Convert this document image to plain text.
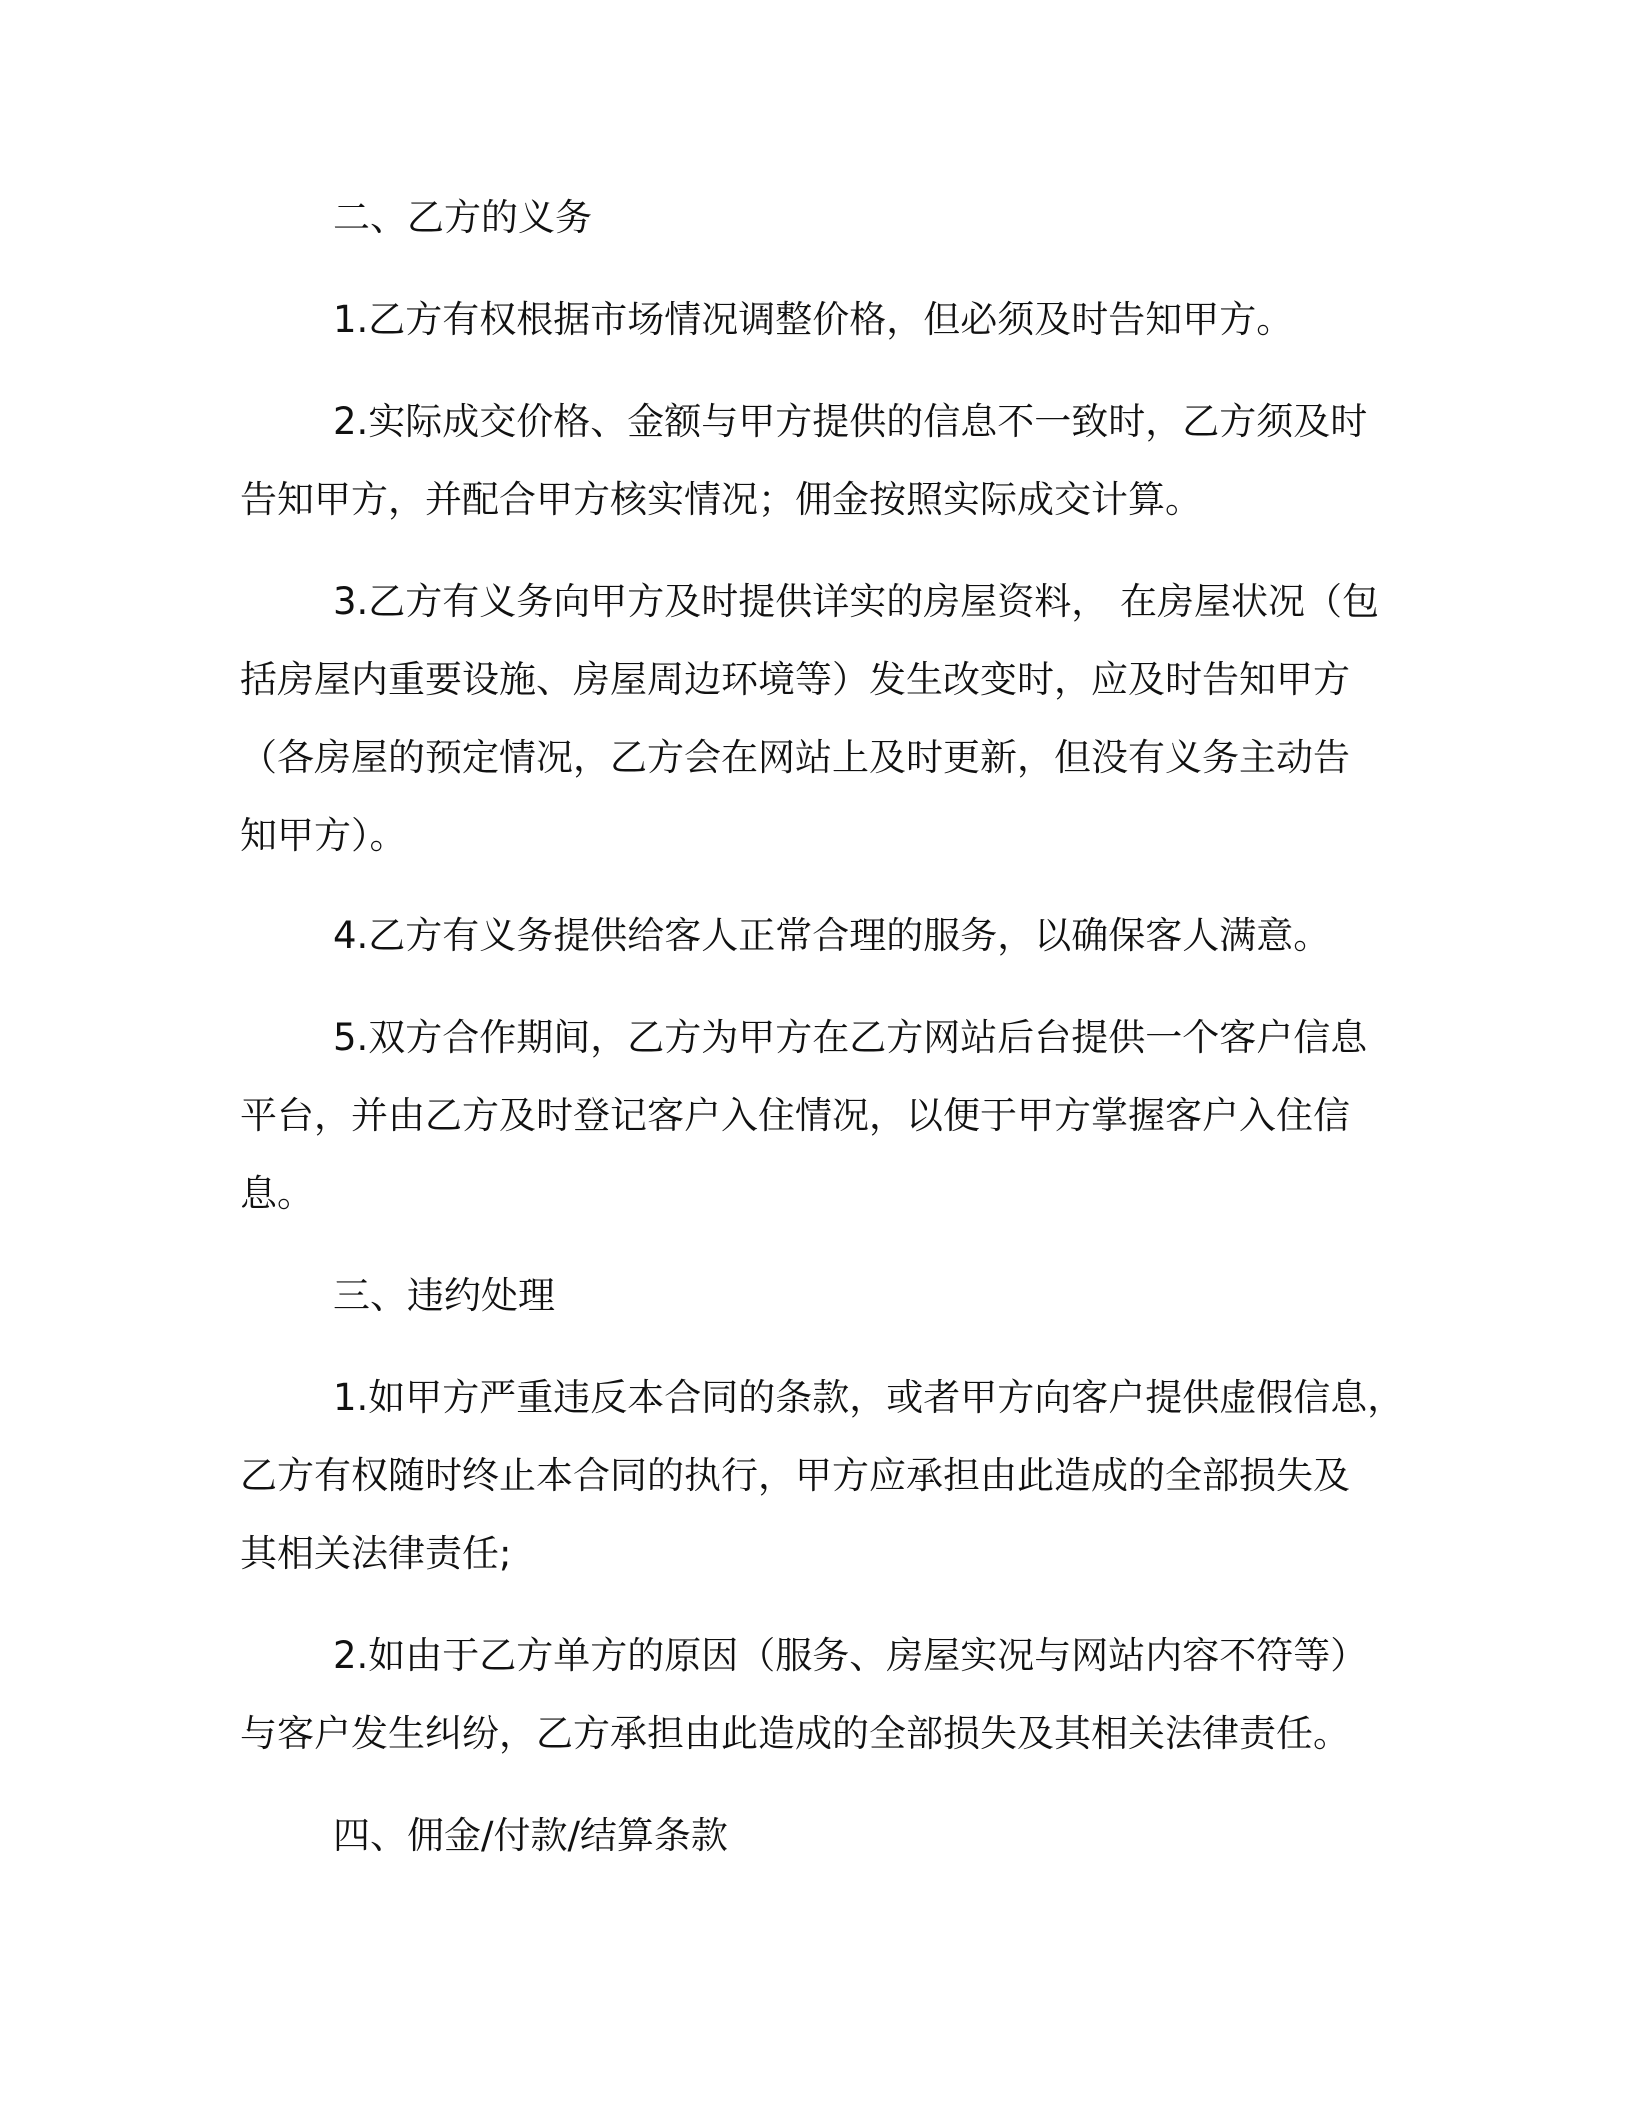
二、乙方的义务

1.乙方有权根据市场情况调整价格，但必须及时告知甲方。

2.实际成交价格、金额与甲方提供的信息不一致时，乙方须及时

告知甲方，并配合甲方核实情况；佣金按照实际成交计算。

3.乙方有义务向甲方及时提供详实的房屋资料， 在房屋状况（包

括房屋内重要设施、房屋周边环境等）发生改变时，应及时告知甲方

（各房屋的预定情况，乙方会在网站上及时更新，但没有义务主动告

知甲方）。

4.乙方有义务提供给客人正常合理的服务，以确保客人满意。

5.双方合作期间，乙方为甲方在乙方网站后台提供一个客户信息

平台，并由乙方及时登记客户入住情况，以便于甲方掌握客户入住信

息。

三、违约处理

1.如甲方严重违反本合同的条款，或者甲方向客户提供虚假信息，

乙方有权随时终止本合同的执行，甲方应承担由此造成的全部损失及

其相关法律责任;

2.如由于乙方单方的原因（服务、房屋实况与网站内容不符等）

与客户发生纠纷，乙方承担由此造成的全部损失及其相关法律责任。

四、佣金/付款/结算条款
